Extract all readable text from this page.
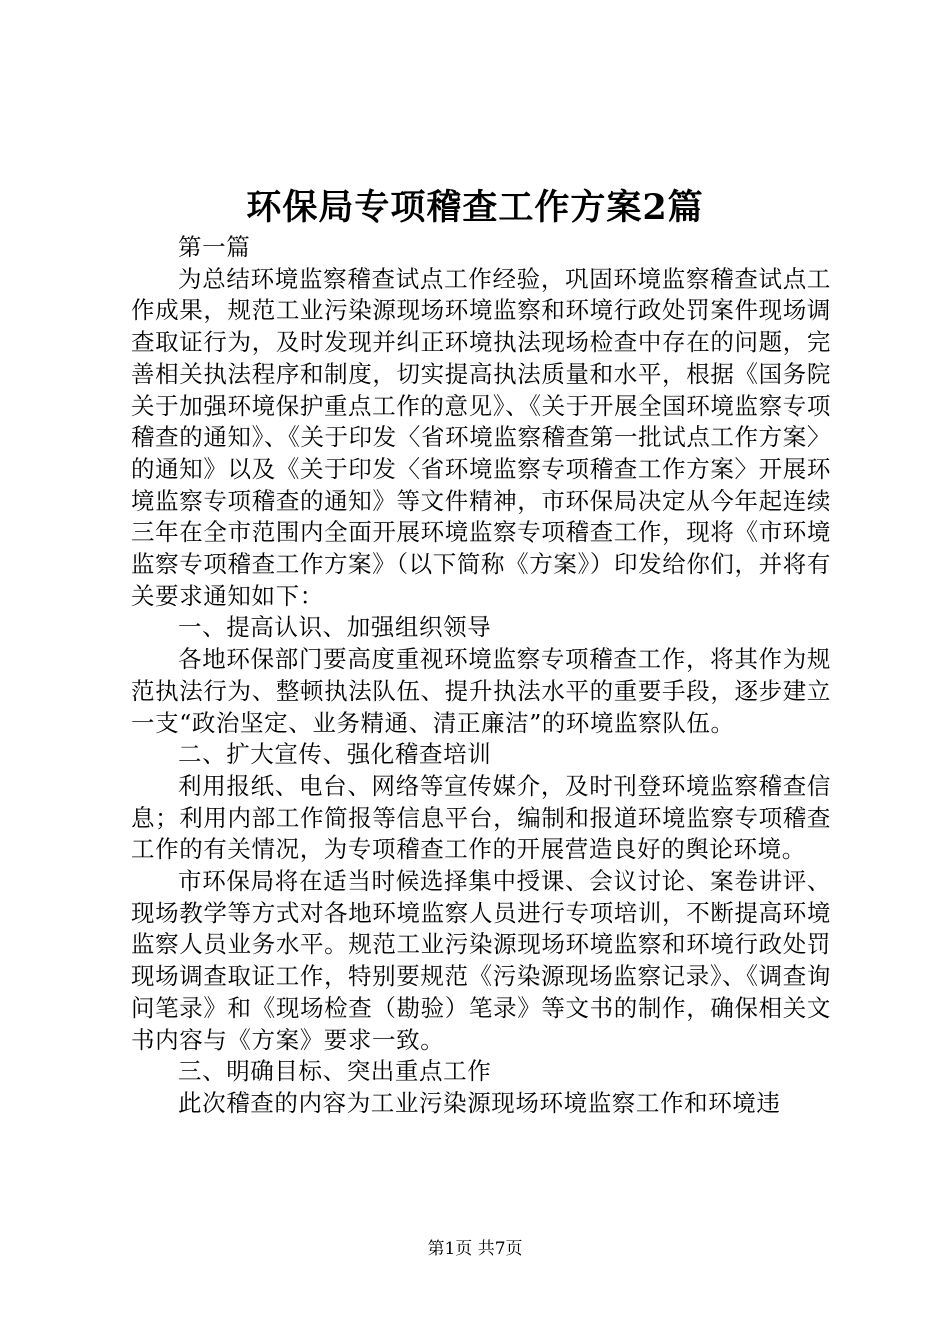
环保局专项稽查工作方案2篇

第一篇

为总结环境监察稽查试点工作经验，巩固环境监察稽查试点工作成果，规范工业污染源现场环境监察和环境行政处罚案件现场调查取证行为，及时发现并纠正环境执法现场检查中存在的问题，完善相关执法程序和制度，切实提高执法质量和水平，根据《国务院关于加强环境保护重点工作的意见》、《关于开展全国环境监察专项稽查的通知》、《关于印发〈省环境监察稽查第一批试点工作方案〉的通知》以及《关于印发〈省环境监察专项稽查工作方案〉开展环境监察专项稽查的通知》等文件精神，市环保局决定从今年起连续三年在全市范围内全面开展环境监察专项稽查工作，现将《市环境监察专项稽查工作方案》（以下简称《方案》）印发给你们，并将有关要求通知如下：

一、提高认识、加强组织领导

各地环保部门要高度重视环境监察专项稽查工作，将其作为规范执法行为、整顿执法队伍、提升执法水平的重要手段，逐步建立一支“政治坚定、业务精通、清正廉洁”的环境监察队伍。

二、扩大宣传、强化稽查培训

利用报纸、电台、网络等宣传媒介，及时刊登环境监察稽查信息；利用内部工作简报等信息平台，编制和报道环境监察专项稽查工作的有关情况，为专项稽查工作的开展营造良好的舆论环境。

市环保局将在适当时候选择集中授课、会议讨论、案卷讲评、现场教学等方式对各地环境监察人员进行专项培训，不断提高环境监察人员业务水平。规范工业污染源现场环境监察和环境行政处罚现场调查取证工作，特别要规范《污染源现场监察记录》、《调查询问笔录》和《现场检查（勘验）笔录》等文书的制作，确保相关文书内容与《方案》要求一致。

三、明确目标、突出重点工作

此次稽查的内容为工业污染源现场环境监察工作和环境违

第1页 共7页
